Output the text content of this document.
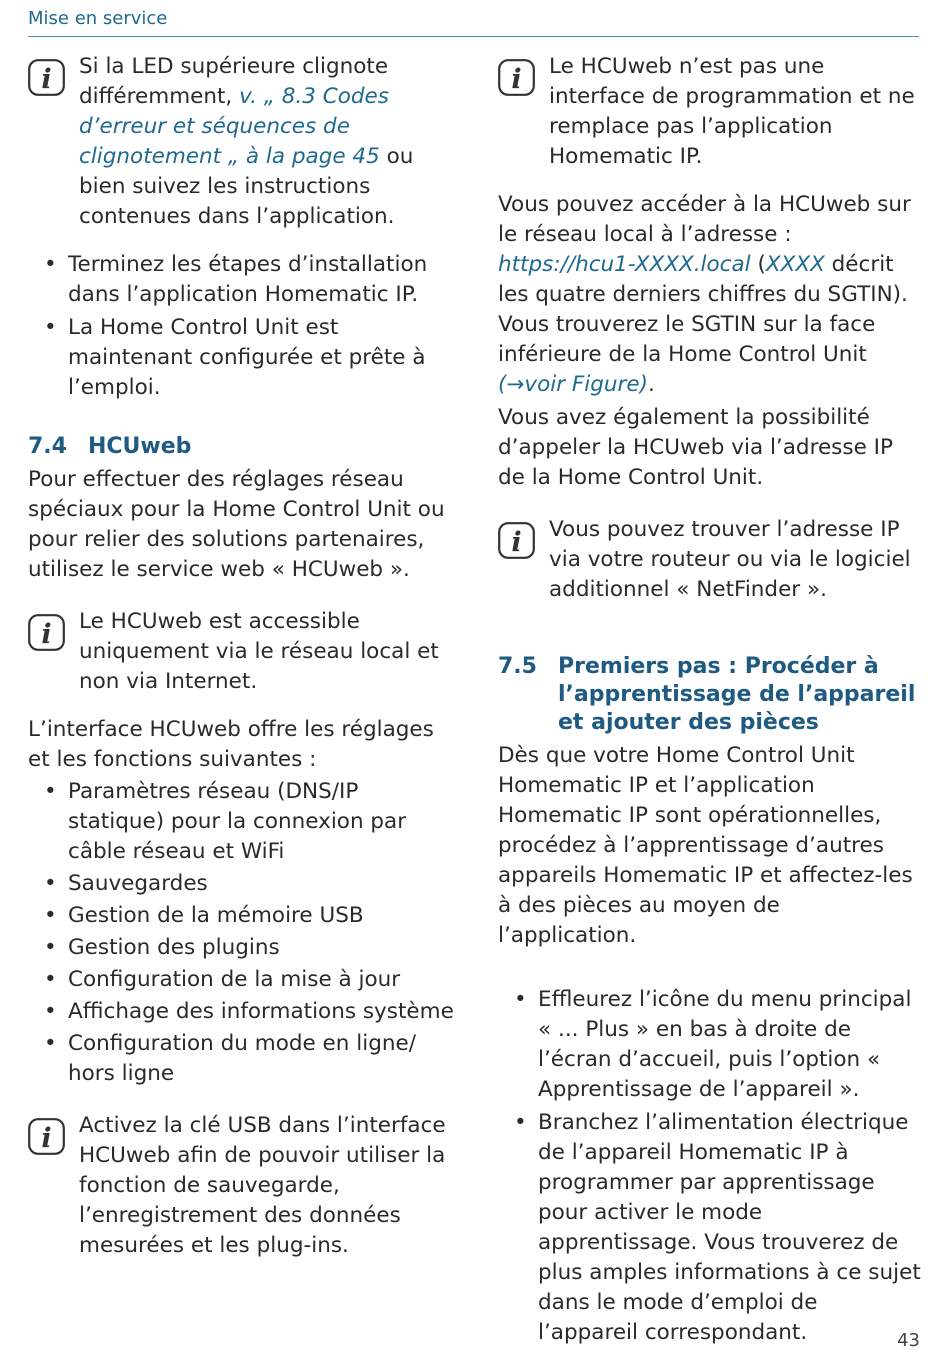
Mise en service
i Si la LED supérieure clignote différemment, v. „ 8.3 Codes d’erreur et séquences de clignotement „ à la page 45 ou bien suivez les instructions contenues dans l’application.

• Terminez les étapes d’installation dans l’application Homematic IP.
• La Home Control Unit est maintenant configurée et prête à l’emploi.
7.4 HCUweb

Pour effectuer des réglages réseau spéciaux pour la Home Control Unit ou pour relier des solutions partenaires, utilisez le service web « HCUweb ».

i Le HCUweb est accessible uniquement via le réseau local et non via Internet.

L’interface HCUweb offre les réglages et les fonctions suivantes :

• Paramètres réseau (DNS/IP statique) pour la connexion par câble réseau et WiFi
• Sauvegardes
• Gestion de la mémoire USB
• Gestion des plugins
• Configuration de la mise à jour
• Affichage des informations système
• Configuration du mode en ligne/ hors ligne
i Activez la clé USB dans l’interface HCUweb afin de pouvoir utiliser la fonction de sauvegarde, l’enregistrement des données mesurées et les plug-ins.

i Le HCUweb n’est pas une interface de programmation et ne remplace pas l’application Homematic IP.

Vous pouvez accéder à la HCUweb sur le réseau local à l’adresse : https://hcu1-XXXX.local (XXXX décrit les quatre derniers chiffres du SGTIN). Vous trouverez le SGTIN sur la face inférieure de la Home Control Unit (→voir Figure).

Vous avez également la possibilité d’appeler la HCUweb via l’adresse IP de la Home Control Unit.

i Vous pouvez trouver l’adresse IP via votre routeur ou via le logiciel additionnel « NetFinder ».

7.5 Premiers pas : Procéder à l’apprentissage de l’appareil et ajouter des pièces

Dès que votre Home Control Unit Homematic IP et l’application Homematic IP sont opérationnelles, procédez à l’apprentissage d’autres appareils Homematic IP et affectez-les à des pièces au moyen de l’application.

• Effleurez l’icône du menu principal « ... Plus » en bas à droite de l’écran d’accueil, puis l’option « Apprentissage de l’appareil ».
• Branchez l’alimentation électrique de l’appareil Homematic IP à programmer par apprentissage pour activer le mode apprentissage. Vous trouverez de plus amples informations à ce sujet dans le mode d’emploi de l’appareil correspondant.	43
